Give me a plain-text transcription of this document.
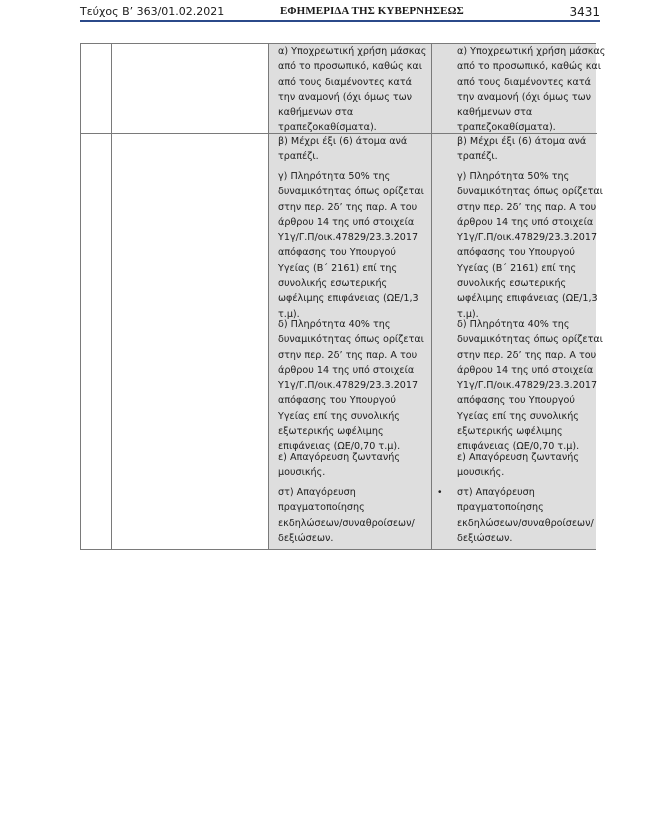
Τεύχος Β’ 363/01.02.2021	ΕΦΗΜΕΡΙΔΑ ΤΗΣ ΚΥΒΕΡΝΗΣΕΩΣ	3431
α) Υποχρεωτική χρήση μάσκας
από το προσωπικό, καθώς και
από τους διαμένοντες κατά
την αναμονή (όχι όμως των
καθήμενων στα
τραπεζοκαθίσματα).
β) Μέχρι έξι (6) άτομα ανά
τραπέζι.
γ) Πληρότητα 50% της
δυναμικότητας όπως ορίζεται
στην περ. 2δ’ της παρ. Α του
άρθρου 14 της υπό στοιχεία
Υ1γ/Γ.Π/οικ.47829/23.3.2017
απόφασης του Υπουργού
Υγείας (Β΄ 2161) επί της
συνολικής εσωτερικής
ωφέλιμης επιφάνειας (ΩΕ/1,3
τ.μ).
δ) Πληρότητα 40% της
δυναμικότητας όπως ορίζεται
στην περ. 2δ’ της παρ. Α του
άρθρου 14 της υπό στοιχεία
Υ1γ/Γ.Π/οικ.47829/23.3.2017
απόφασης του Υπουργού
Υγείας επί της συνολικής
εξωτερικής ωφέλιμης
επιφάνειας (ΩΕ/0,70 τ.μ).
ε) Απαγόρευση ζωντανής
μουσικής.
στ) Απαγόρευση
πραγματοποίησης
εκδηλώσεων/συναθροίσεων/
δεξιώσεων.
α) Υποχρεωτική χρήση μάσκας
από το προσωπικό, καθώς και
από τους διαμένοντες κατά
την αναμονή (όχι όμως των
καθήμενων στα
τραπεζοκαθίσματα).
β) Μέχρι έξι (6) άτομα ανά
τραπέζι.
γ) Πληρότητα 50% της
δυναμικότητας όπως ορίζεται
στην περ. 2δ’ της παρ. Α του
άρθρου 14 της υπό στοιχεία
Υ1γ/Γ.Π/οικ.47829/23.3.2017
απόφασης του Υπουργού
Υγείας (Β΄ 2161) επί της
συνολικής εσωτερικής
ωφέλιμης επιφάνειας (ΩΕ/1,3
τ.μ).
δ) Πληρότητα 40% της
δυναμικότητας όπως ορίζεται
στην περ. 2δ’ της παρ. Α του
άρθρου 14 της υπό στοιχεία
Υ1γ/Γ.Π/οικ.47829/23.3.2017
απόφασης του Υπουργού
Υγείας επί της συνολικής
εξωτερικής ωφέλιμης
επιφάνειας (ΩΕ/0,70 τ.μ).
ε) Απαγόρευση ζωντανής
μουσικής.
• στ) Απαγόρευση
πραγματοποίησης
εκδηλώσεων/συναθροίσεων/
δεξιώσεων.
